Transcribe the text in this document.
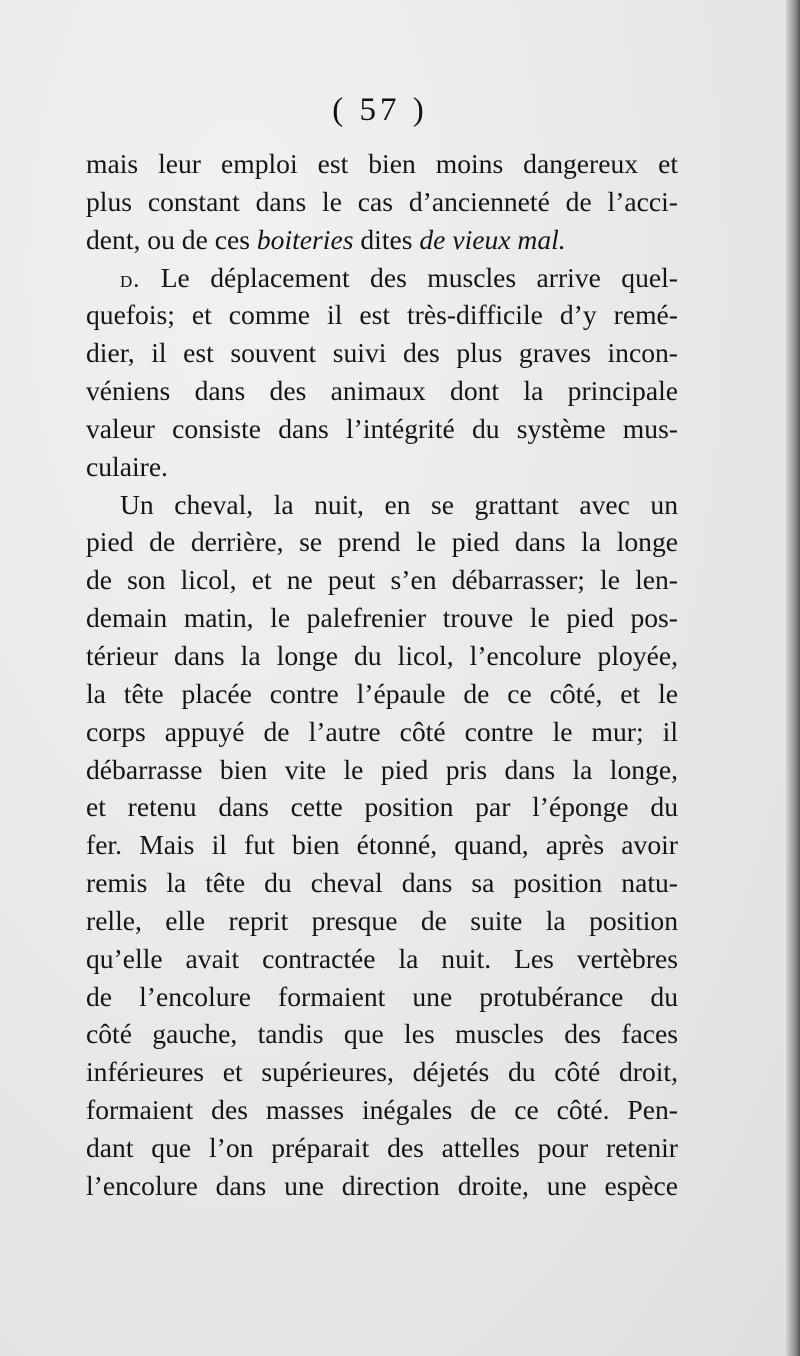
( 57 )
mais leur emploi est bien moins dangereux et
plus constant dans le cas d’ancienneté de l’acci-
dent, ou de ces boiteries dites de vieux mal.
d. Le déplacement des muscles arrive quel-
quefois; et comme il est très-difficile d’y remé-
dier, il est souvent suivi des plus graves incon-
véniens dans des animaux dont la principale
valeur consiste dans l’intégrité du système mus-
culaire.
Un cheval, la nuit, en se grattant avec un
pied de derrière, se prend le pied dans la longe
de son licol, et ne peut s’en débarrasser; le len-
demain matin, le palefrenier trouve le pied pos-
térieur dans la longe du licol, l’encolure ployée,
la tête placée contre l’épaule de ce côté, et le
corps appuyé de l’autre côté contre le mur; il
débarrasse bien vite le pied pris dans la longe,
et retenu dans cette position par l’éponge du
fer. Mais il fut bien étonné, quand, après avoir
remis la tête du cheval dans sa position natu-
relle, elle reprit presque de suite la position
qu’elle avait contractée la nuit. Les vertèbres
de l’encolure formaient une protubérance du
côté gauche, tandis que les muscles des faces
inférieures et supérieures, déjetés du côté droit,
formaient des masses inégales de ce côté. Pen-
dant que l’on préparait des attelles pour retenir
l’encolure dans une direction droite, une espèce
